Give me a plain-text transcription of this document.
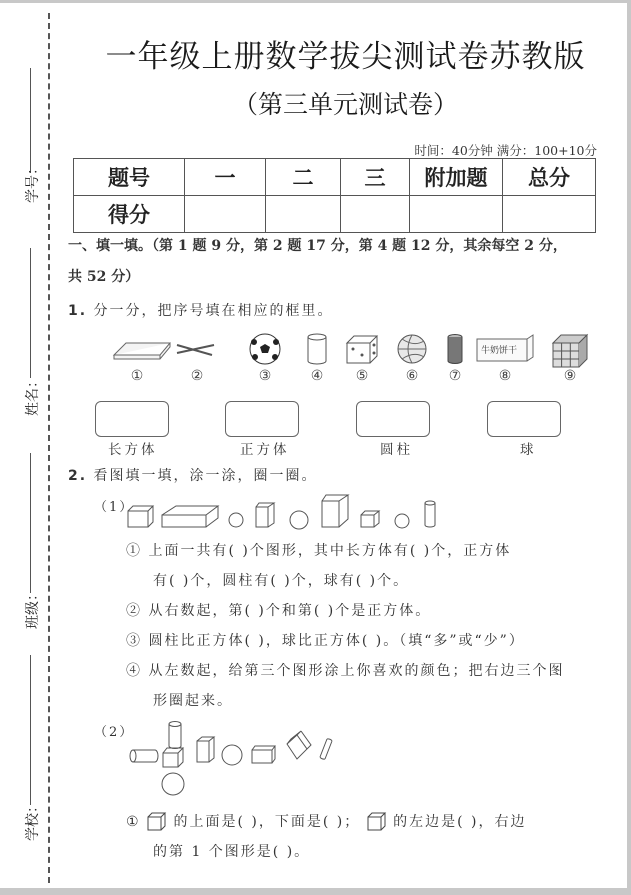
学号：
姓名：
班级：
学校：
一年级上册数学拔尖测试卷苏教版
（第三单元测试卷）
时间：40分钟 满分：100+10分
题号	一	二	三	附加题	总分
得分					
一、填一填。（第 1 题 9 分，第 2 题 17 分，第 4 题 12 分，其余每空 2 分，
共 52 分）
1. 分一分，把序号填在相应的框里。
①	②	③	④	⑤	⑥	⑦
牛奶饼干
⑧	⑨
长方体	正方体	圆柱	球
2. 看图填一填，涂一涂，圈一圈。
（1）
① 上面一共有( )个图形，其中长方体有( )个，正方体
有( )个，圆柱有( )个，球有( )个。
② 从右数起，第( )个和第( )个是正方体。
③ 圆柱比正方体( )，球比正方体( )。（填“多”或“少”）
④ 从左数起，给第三个图形涂上你喜欢的颜色；把右边三个图
形圈起来。
（2）
① 的上面是( )，下面是( )； 的左边是( )，右边
的第 1 个图形是( )。
